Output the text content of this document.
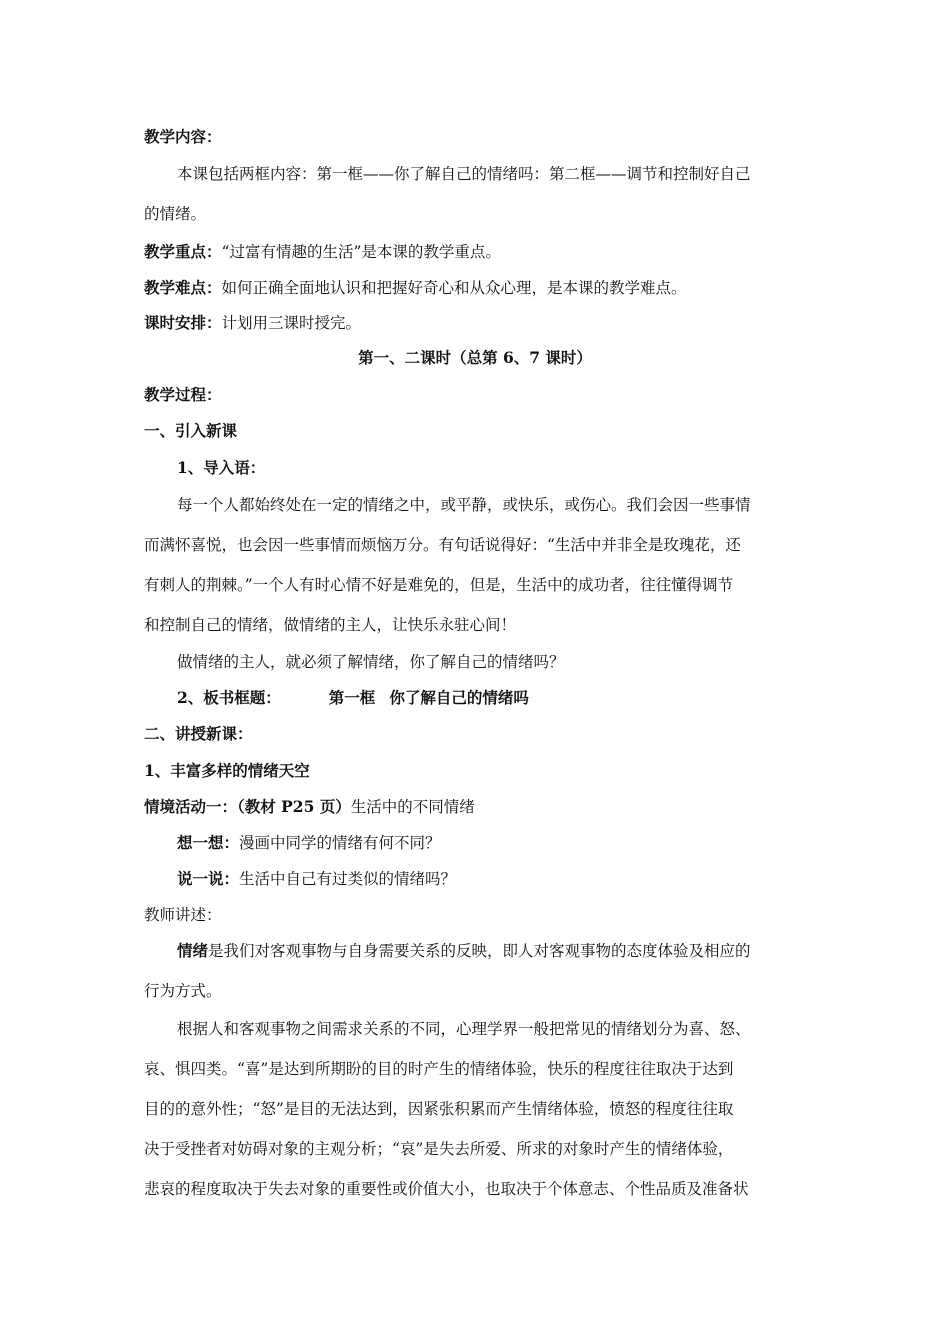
教学内容：
本课包括两框内容：第一框——你了解自己的情绪吗：第二框——调节和控制好自己
的情绪。
教学重点：“过富有情趣的生活”是本课的教学重点。
教学难点：如何正确全面地认识和把握好奇心和从众心理，是本课的教学难点。
课时安排：计划用三课时授完。
第一、二课时（总第 6、7 课时）
教学过程：
一、引入新课
1、导入语：
每一个人都始终处在一定的情绪之中，或平静，或快乐，或伤心。我们会因一些事情
而满怀喜悦，也会因一些事情而烦恼万分。有句话说得好：“生活中并非全是玫瑰花，还
有刺人的荆棘。”一个人有时心情不好是难免的，但是，生活中的成功者，往往懂得调节
和控制自己的情绪，做情绪的主人，让快乐永驻心间！
做情绪的主人，就必须了解情绪，你了解自己的情绪吗？
2、板书框题：	第一框 你了解自己的情绪吗
二、讲授新课：
1、丰富多样的情绪天空
情境活动一：（教材 P25 页）生活中的不同情绪
想一想：漫画中同学的情绪有何不同？
说一说：生活中自己有过类似的情绪吗？
教师讲述：
情绪是我们对客观事物与自身需要关系的反映，即人对客观事物的态度体验及相应的
行为方式。
根据人和客观事物之间需求关系的不同，心理学界一般把常见的情绪划分为喜、怒、
哀、惧四类。“喜”是达到所期盼的目的时产生的情绪体验，快乐的程度往往取决于达到
目的的意外性；“怒”是目的无法达到，因紧张积累而产生情绪体验，愤怒的程度往往取
决于受挫者对妨碍对象的主观分析；“哀”是失去所爱、所求的对象时产生的情绪体验，
悲哀的程度取决于失去对象的重要性或价值大小，也取决于个体意志、个性品质及准备状
